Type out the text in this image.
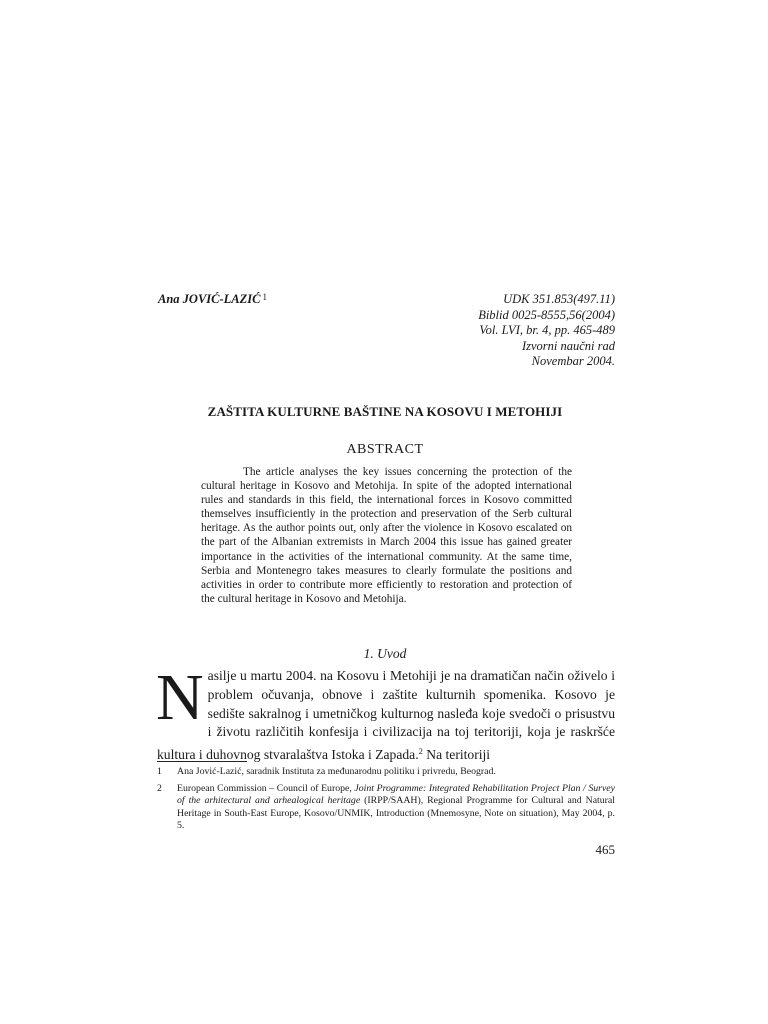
Ana JOVIĆ-LAZIĆ $^1$	UDK 351.853(497.11)
Biblid 0025-8555,56(2004)
Vol. LVI, br. 4, pp. 465-489
Izvorni naučni rad
Novembar 2004.
ZAŠTITA KULTURNE BAŠTINE NA KOSOVU I METOHIJI
ABSTRACT

The article analyses the key issues concerning the protection of the cultural heritage in Kosovo and Metohija. In spite of the adopted international rules and standards in this field, the international forces in Kosovo committed themselves insufficiently in the protection and preservation of the Serb cultural heritage. As the author points out, only after the violence in Kosovo escalated on the part of the Albanian extremists in March 2004 this issue has gained greater importance in the activities of the international community. At the same time, Serbia and Montenegro takes measures to clearly formulate the positions and activities in order to contribute more efficiently to restoration and protection of the cultural heritage in Kosovo and Metohija.

1. Uvod

Nasilje u martu 2004. na Kosovu i Metohiji je na dramatičan način oživelo i problem očuvanja, obnove i zaštite kulturnih spomenika. Kosovo je sedište sakralnog i umetničkog kulturnog nasleđa koje svedoči o prisustvu i životu različitih konfesija i civilizacija na toj teritoriji, koja je raskršće kultura i duhovnog stvaralaštva Istoka i Zapada.$^2$ Na teritoriji

1	Ana Jović-Lazić, saradnik Instituta za međunarodnu politiku i privredu, Beograd.
2	European Commission – Council of Europe, Joint Programme: Integrated Rehabilitation Project Plan / Survey of the arhitectural and arhealogical heritage (IRPP/SAAH), Regional Programme for Cultural and Natural Heritage in South-East Europe, Kosovo/UNMIK, Introduction (Mnemosyne, Note on situation), May 2004, p. 5.
465
